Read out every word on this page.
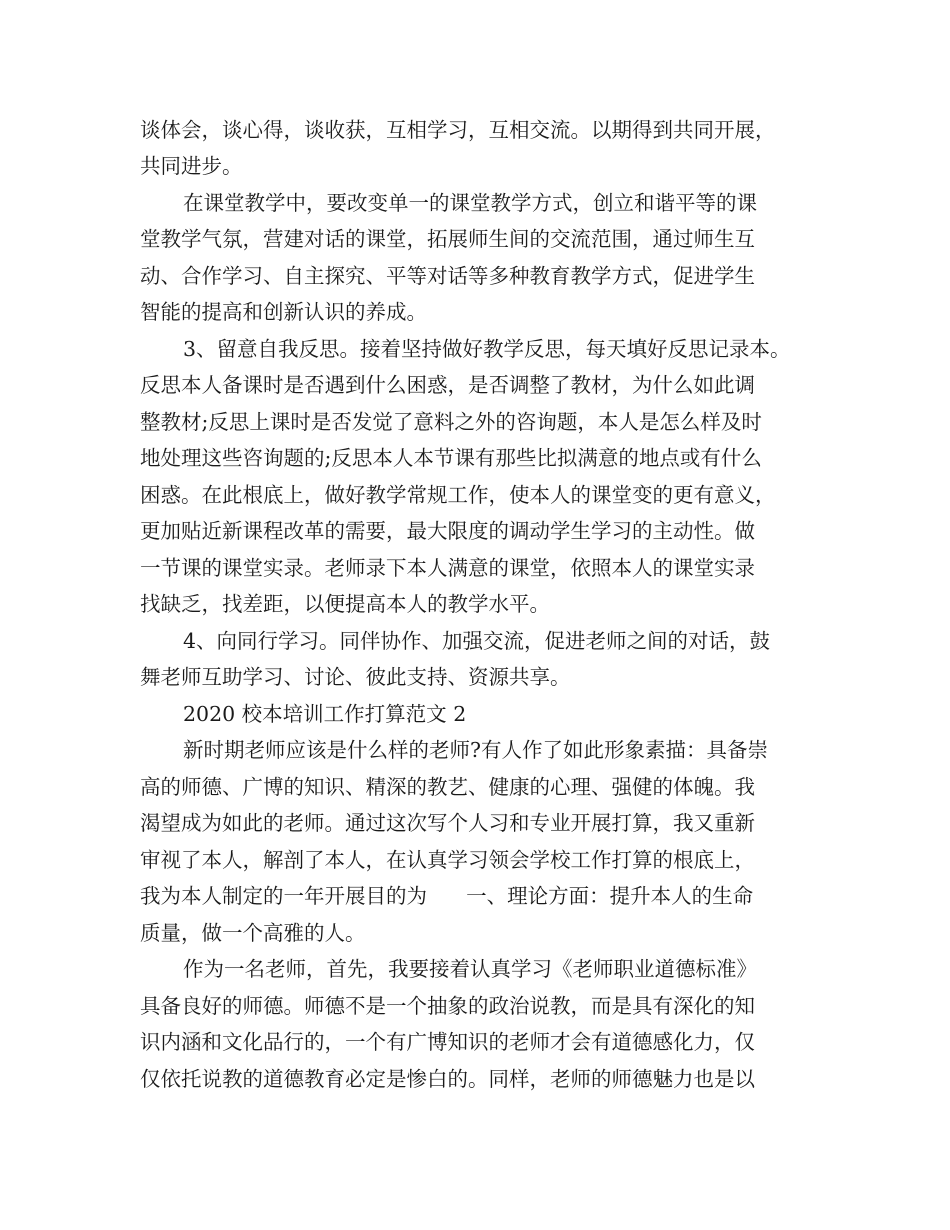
谈体会，谈心得，谈收获，互相学习，互相交流。以期得到共同开展，
共同进步。
在课堂教学中，要改变单一的课堂教学方式，创立和谐平等的课
堂教学气氛，营建对话的课堂，拓展师生间的交流范围，通过师生互
动、合作学习、自主探究、平等对话等多种教育教学方式，促进学生
智能的提高和创新认识的养成。
3、留意自我反思。接着坚持做好教学反思，每天填好反思记录本。
反思本人备课时是否遇到什么困惑，是否调整了教材，为什么如此调
整教材;反思上课时是否发觉了意料之外的咨询题，本人是怎么样及时
地处理这些咨询题的;反思本人本节课有那些比拟满意的地点或有什么
困惑。在此根底上，做好教学常规工作，使本人的课堂变的更有意义，
更加贴近新课程改革的需要，最大限度的调动学生学习的主动性。做
一节课的课堂实录。老师录下本人满意的课堂，依照本人的课堂实录
找缺乏，找差距，以便提高本人的教学水平。
4、向同行学习。同伴协作、加强交流，促进老师之间的对话，鼓
舞老师互助学习、讨论、彼此支持、资源共享。
2020 校本培训工作打算范文 2
新时期老师应该是什么样的老师?有人作了如此形象素描：具备崇
高的师德、广博的知识、精深的教艺、健康的心理、强健的体魄。我
渴望成为如此的老师。通过这次写个人习和专业开展打算，我又重新
审视了本人，解剖了本人，在认真学习领会学校工作打算的根底上，
我为本人制定的一年开展目的为      一、理论方面：提升本人的生命
质量，做一个高雅的人。
作为一名老师，首先，我要接着认真学习《老师职业道德标准》
具备良好的师德。师德不是一个抽象的政治说教，而是具有深化的知
识内涵和文化品行的，一个有广博知识的老师才会有道德感化力，仅
仅依托说教的道德教育必定是惨白的。同样，老师的师德魅力也是以
